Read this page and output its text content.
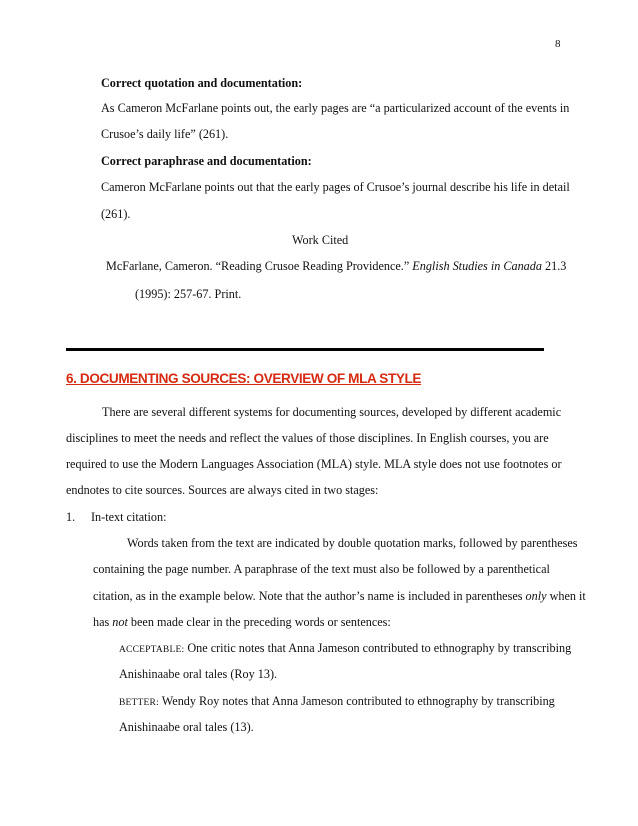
8
Correct quotation and documentation:
As Cameron McFarlane points out, the early pages are “a particularized account of the events in
Crusoe’s daily life” (261).
Correct paraphrase and documentation:
Cameron McFarlane points out that the early pages of Crusoe’s journal describe his life in detail
(261).
Work Cited
McFarlane, Cameron. “Reading Crusoe Reading Providence.” English Studies in Canada 21.3
(1995): 257-67. Print.
6. DOCUMENTING SOURCES: OVERVIEW OF MLA STYLE
There are several different systems for documenting sources, developed by different academic
disciplines to meet the needs and reflect the values of those disciplines. In English courses, you are
required to use the Modern Languages Association (MLA) style. MLA style does not use footnotes or
endnotes to cite sources. Sources are always cited in two stages:
1. In-text citation:
Words taken from the text are indicated by double quotation marks, followed by parentheses
containing the page number. A paraphrase of the text must also be followed by a parenthetical
citation, as in the example below. Note that the author’s name is included in parentheses only when it
has not been made clear in the preceding words or sentences:
ACCEPTABLE: One critic notes that Anna Jameson contributed to ethnography by transcribing
Anishinaabe oral tales (Roy 13).
BETTER: Wendy Roy notes that Anna Jameson contributed to ethnography by transcribing
Anishinaabe oral tales (13).
